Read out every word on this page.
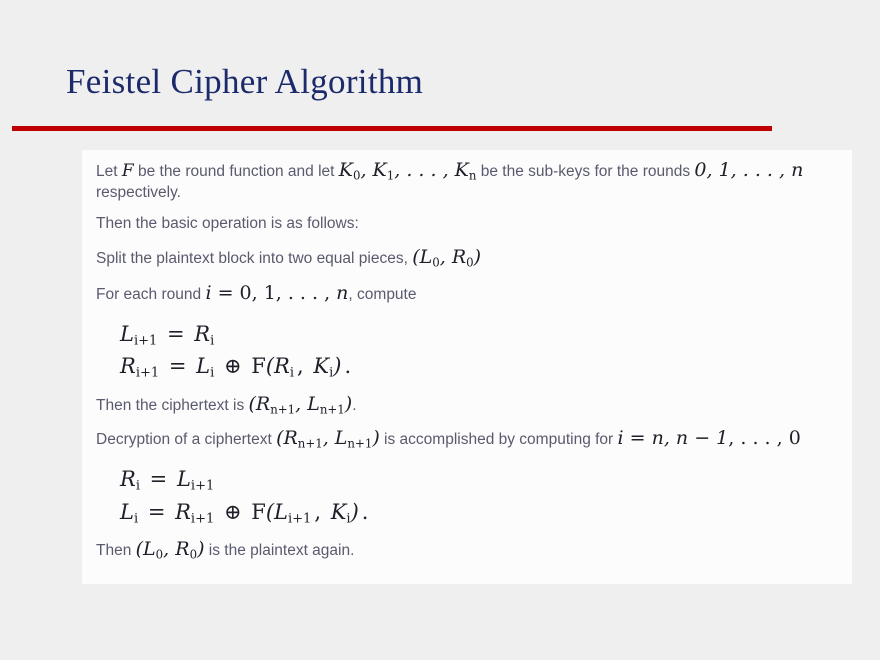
Feistel Cipher Algorithm

Let F be the round function and let $K_0$, $K_1$, . . . , $K_n$ be the sub-keys for the rounds 0, 1, . . . , n respectively.

Then the basic operation is as follows:

Split the plaintext block into two equal pieces, ($L_0$, $R_0$)

For each round i = 0, 1, . . . , n, compute

$L_{i+1} = R_i$
$R_{i+1} = L_i$ ⊕ $F(R_i$ , $K_i$) .

Then the ciphertext is ($R_{n+1}$, $L_{n+1}$).

Decryption of a ciphertext ($R_{n+1}$, $L_{n+1}$) is accomplished by computing for i = n, n − 1, . . . , 0

$R_i = L_{i+1}$
$L_i = R_{i+1}$ ⊕ $F(L_{i+1}$ , $K_i$) .

Then ($L_0$, $R_0$) is the plaintext again.
